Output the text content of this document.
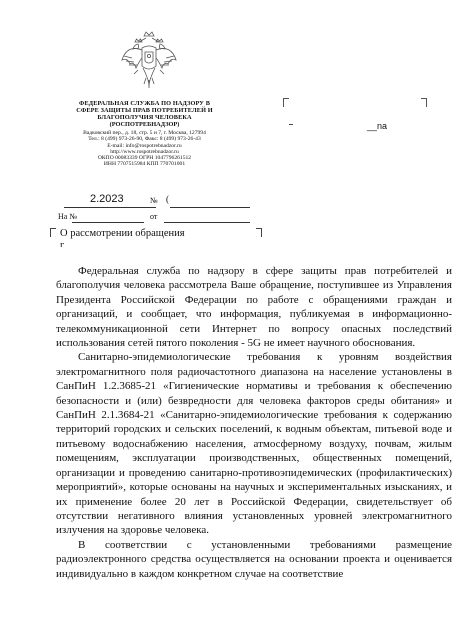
ФЕДЕРАЛЬНАЯ СЛУЖБА ПО НАДЗОРУ В
СФЕРЕ ЗАЩИТЫ ПРАВ ПОТРЕБИТЕЛЕЙ И
БЛАГОПОЛУЧИЯ ЧЕЛОВЕКА
(РОСПОТРЕБНАДЗОР)
Вадковский пер., д. 18, стр. 5 и 7, г. Москва, 127994
Тел.: 8 (499) 973-26-90, Факс: 8 (499) 973-26-43
E-mail: info@rospotrebnadzor.ru
http://www.rospotrebnadzor.ru
ОКПО 00083339 ОГРН 1047796261512
ИНН 7707515984 КПП 770701001
__na
2.2023	№ (
На №	от
О рассмотрении обращения
г

Федеральная служба по надзору в сфере защиты прав потребителей и благополучия человека рассмотрела Ваше обращение, поступившее из Управления Президента Российской Федерации по работе с обращениями граждан и организаций, и сообщает, что информация, публикуемая в информационно-телекоммуникационной сети Интернет по вопросу опасных последствий использования сетей пятого поколения - 5G не имеет научного обоснования.

Санитарно-эпидемиологические требования к уровням воздействия электромагнитного поля радиочастотного диапазона на население установлены в СанПиН 1.2.3685-21 «Гигиенические нормативы и требования к обеспечению безопасности и (или) безвредности для человека факторов среды обитания» и СанПиН 2.1.3684-21 «Санитарно-эпидемиологические требования к содержанию территорий городских и сельских поселений, к водным объектам, питьевой воде и питьевому водоснабжению населения, атмосферному воздуху, почвам, жилым помещениям, эксплуатации производственных, общественных помещений, организации и проведению санитарно-противоэпидемических (профилактических) мероприятий», которые основаны на научных и экспериментальных изысканиях, и их применение более 20 лет в Российской Федерации, свидетельствует об отсутствии негативного влияния установленных уровней электромагнитного излучения на здоровье человека.

В соответствии с установленными требованиями размещение радиоэлектронного средства осуществляется на основании проекта и оценивается индивидуально в каждом конкретном случае на соответствие
